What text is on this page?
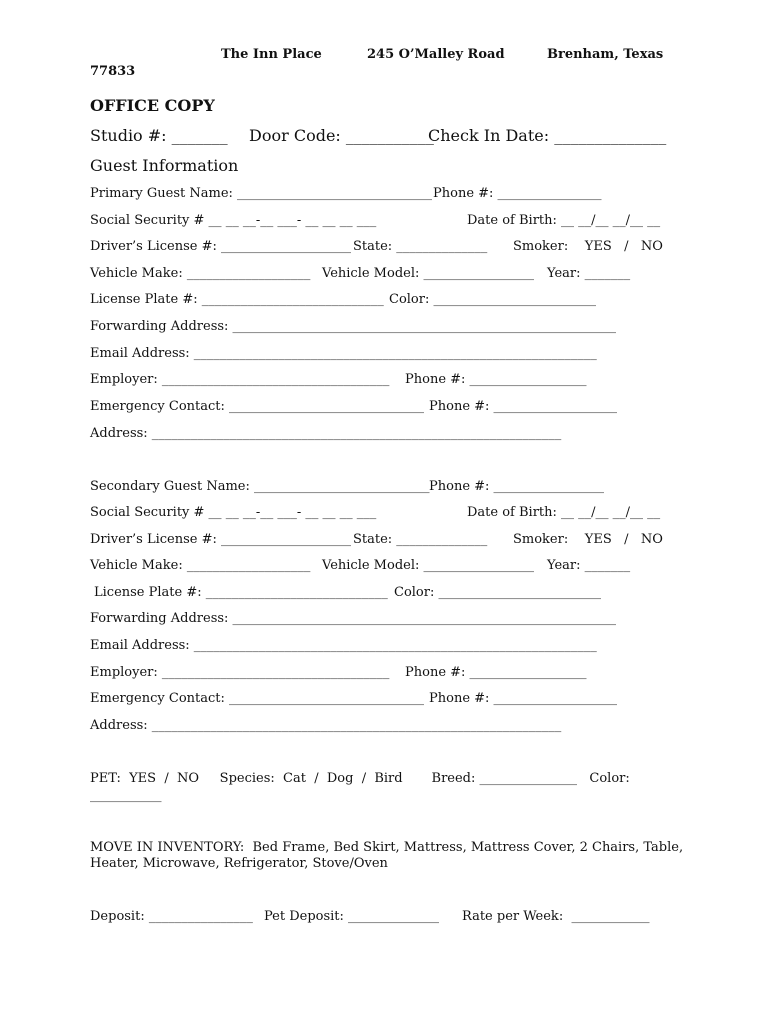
The Inn Place	245 O’Malley Road	Brenham, Texas
77833
OFFICE COPY
Studio #: _______ Door Code: ___________
Check In Date: ______________
Guest Information
Primary Guest Name: ______________________________ Phone #: ________________
Social Security # __ __ __-__ ___- __ __ __ ___	Date of Birth: __ __/__ __/__ __
Driver’s License #: ____________________ State: ______________ Smoker:    YES   /   NO
Vehicle Make: ___________________ Vehicle Model: _________________ Year: _______
License Plate #: ____________________________ Color: _________________________
Forwarding Address: ___________________________________________________________
Email Address: ______________________________________________________________
Employer: ___________________________________ Phone #: __________________
Emergency Contact: ______________________________ Phone #: ___________________
Address: _______________________________________________________________
Secondary Guest Name: ___________________________ Phone #: _________________
Social Security # __ __ __-__ ___- __ __ __ ___	Date of Birth: __ __/__ __/__ __
Driver’s License #: ____________________ State: ______________ Smoker:    YES   /   NO
Vehicle Make: ___________________ Vehicle Model: _________________ Year: _______
License Plate #: ____________________________ Color: _________________________
Forwarding Address: ___________________________________________________________
Email Address: ______________________________________________________________
Employer: ___________________________________ Phone #: __________________
Emergency Contact: ______________________________ Phone #: ___________________
Address: _______________________________________________________________
PET:  YES  /  NO     Species:  Cat  /  Dog  /  Bird       Breed: _______________   Color:
___________
MOVE IN INVENTORY:  Bed Frame, Bed Skirt, Mattress, Mattress Cover, 2 Chairs, Table,
Heater, Microwave, Refrigerator, Stove/Oven
Deposit: ________________ Pet Deposit: ______________ Rate per Week:  ____________
